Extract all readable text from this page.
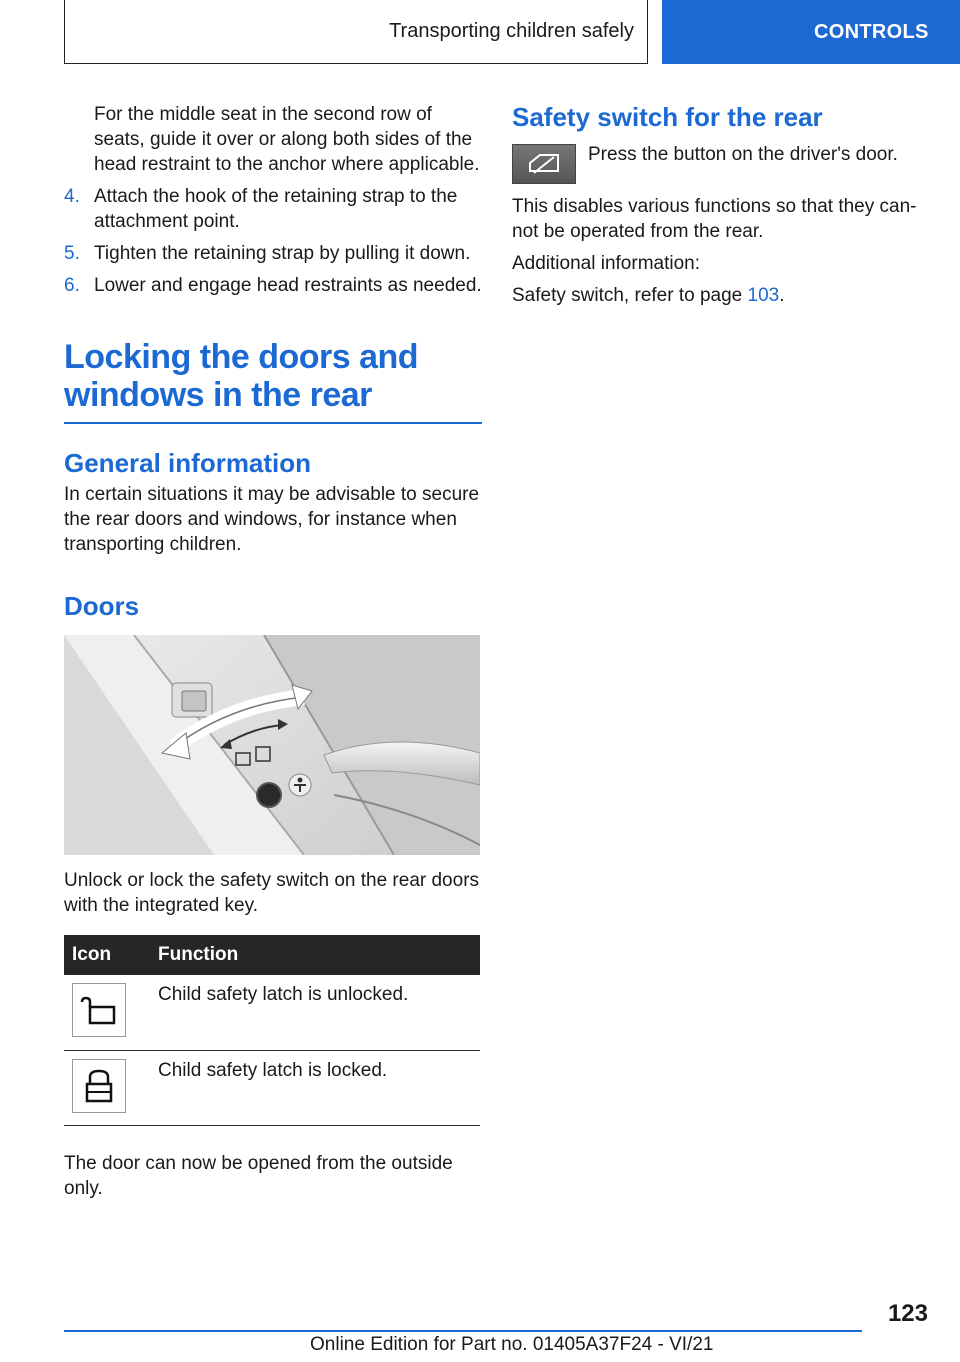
Transporting children safely	CONTROLS

For the middle seat in the second row of seats, guide it over or along both sides of the head restraint to the anchor where applicable.

4. Attach the hook of the retaining strap to the attachment point.
5. Tighten the retaining strap by pulling it down.
6. Lower and engage head restraints as needed.
Locking the doors and windows in the rear
General information

In certain situations it may be advisable to secure the rear doors and windows, for instance when transporting children.

Doors

Unlock or lock the safety switch on the rear doors with the integrated key.

Icon	Function

	Child safety latch is unlocked.

	Child safety latch is locked.

The door can now be opened from the outside only.

Safety switch for the rear

Press the button on the driver's door.

This disables various functions so that they can-not be operated from the rear.

Additional information:

Safety switch, refer to page 103.

123
Online Edition for Part no. 01405A37F24 - VI/21
